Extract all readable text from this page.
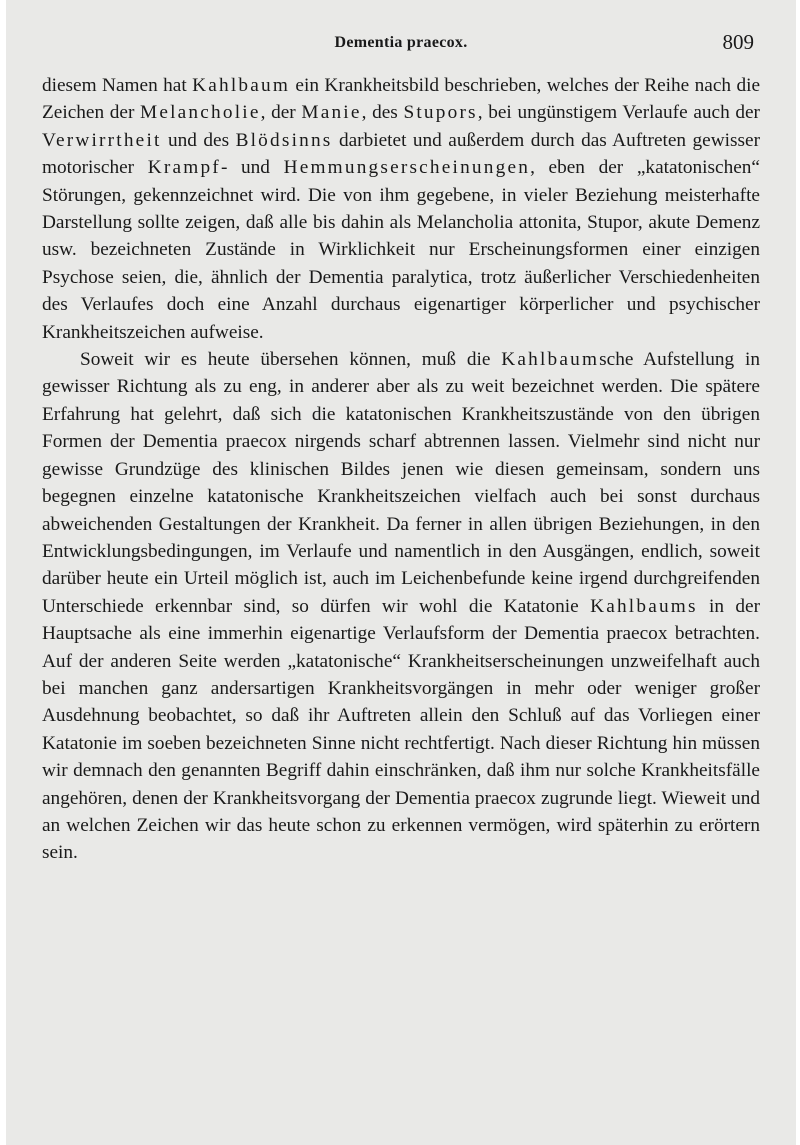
Dementia praecox.	809

diesem Namen hat Kahlbaum ein Krankheitsbild beschrieben, welches der Reihe nach die Zeichen der Melancholie, der Manie, des Stupors, bei ungünstigem Verlaufe auch der Verwirrtheit und des Blödsinns darbietet und außerdem durch das Auftreten gewisser motorischer Krampf- und Hemmungserscheinungen, eben der „katatonischen“ Störungen, gekennzeichnet wird. Die von ihm gegebene, in vieler Beziehung meisterhafte Darstellung sollte zeigen, daß alle bis dahin als Melancholia attonita, Stupor, akute Demenz usw. bezeichneten Zustände in Wirklichkeit nur Erscheinungsformen einer einzigen Psychose seien, die, ähnlich der Dementia paralytica, trotz äußerlicher Verschiedenheiten des Verlaufes doch eine Anzahl durchaus eigenartiger körperlicher und psychischer Krankheitszeichen aufweise.

Soweit wir es heute übersehen können, muß die Kahlbaumsche Aufstellung in gewisser Richtung als zu eng, in anderer aber als zu weit bezeichnet werden. Die spätere Erfahrung hat gelehrt, daß sich die katatonischen Krankheitszustände von den übrigen Formen der Dementia praecox nirgends scharf abtrennen lassen. Vielmehr sind nicht nur gewisse Grundzüge des klinischen Bildes jenen wie diesen gemeinsam, sondern uns begegnen einzelne katatonische Krankheitszeichen vielfach auch bei sonst durchaus abweichenden Gestaltungen der Krankheit. Da ferner in allen übrigen Beziehungen, in den Entwicklungsbedingungen, im Verlaufe und namentlich in den Ausgängen, endlich, soweit darüber heute ein Urteil möglich ist, auch im Leichenbefunde keine irgend durchgreifenden Unterschiede erkennbar sind, so dürfen wir wohl die Katatonie Kahlbaums in der Hauptsache als eine immerhin eigenartige Verlaufsform der Dementia praecox betrachten. Auf der anderen Seite werden „katatonische“ Krankheitserscheinungen unzweifelhaft auch bei manchen ganz andersartigen Krankheitsvorgängen in mehr oder weniger großer Ausdehnung beobachtet, so daß ihr Auftreten allein den Schluß auf das Vorliegen einer Katatonie im soeben bezeichneten Sinne nicht rechtfertigt. Nach dieser Richtung hin müssen wir demnach den genannten Begriff dahin einschränken, daß ihm nur solche Krankheitsfälle angehören, denen der Krankheitsvorgang der Dementia praecox zugrunde liegt. Wieweit und an welchen Zeichen wir das heute schon zu erkennen vermögen, wird späterhin zu erörtern sein.
